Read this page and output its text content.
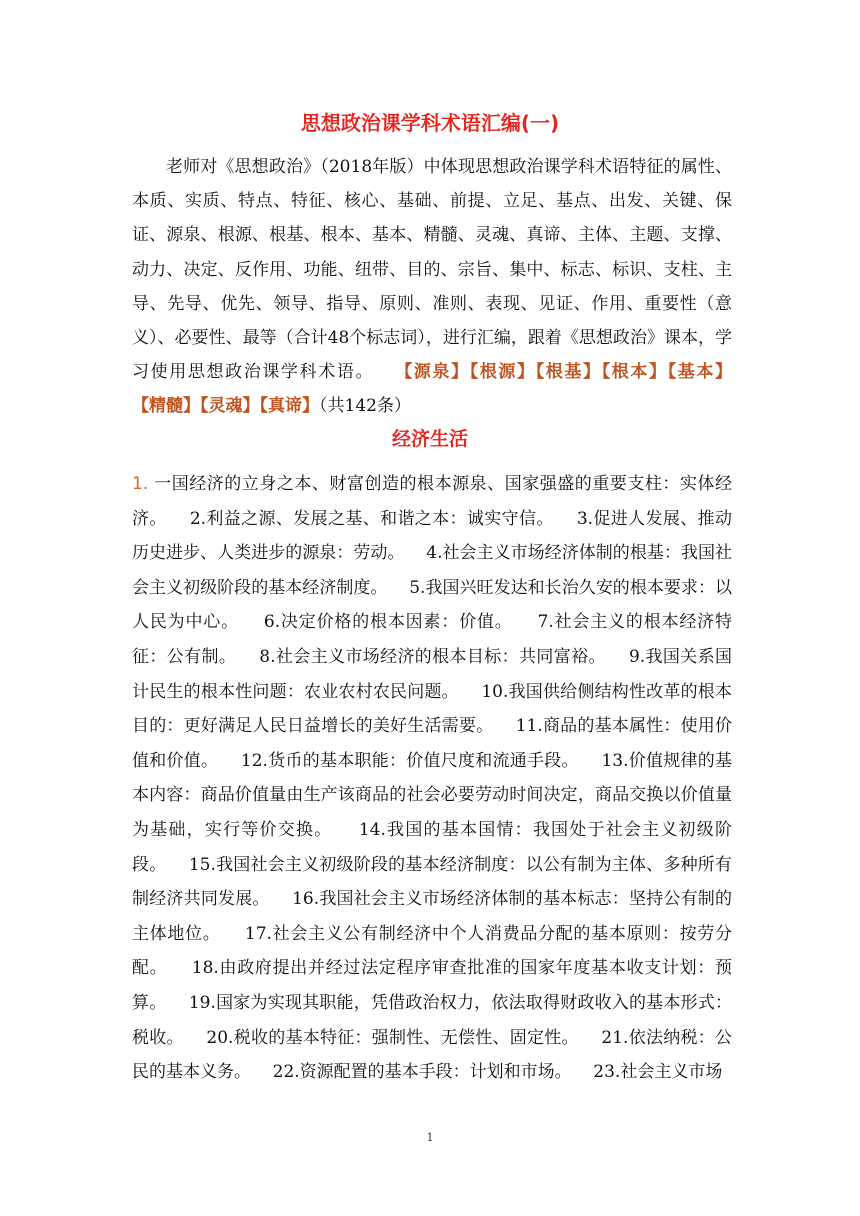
思想政治课学科术语汇编(一)

老师对《思想政治》（2018年版）中体现思想政治课学科术语特征的属性、本质、实质、特点、特征、核心、基础、前提、立足、基点、出发、关键、保证、源泉、根源、根基、根本、基本、精髓、灵魂、真谛、主体、主题、支撑、动力、决定、反作用、功能、纽带、目的、宗旨、集中、标志、标识、支柱、主导、先导、优先、领导、指导、原则、准则、表现、见证、作用、重要性（意义）、必要性、最等（合计48个标志词），进行汇编，跟着《思想政治》课本，学习使用思想政治课学科术语。 【源泉】【根源】【根基】【根本】【基本】【精髓】【灵魂】【真谛】（共142条）

经济生活

1. 一国经济的立身之本、财富创造的根本源泉、国家强盛的重要支柱：实体经济。 2.利益之源、发展之基、和谐之本：诚实守信。 3.促进人发展、推动历史进步、人类进步的源泉：劳动。 4.社会主义市场经济体制的根基：我国社会主义初级阶段的基本经济制度。 5.我国兴旺发达和长治久安的根本要求：以人民为中心。 6.决定价格的根本因素：价值。 7.社会主义的根本经济特征：公有制。 8.社会主义市场经济的根本目标：共同富裕。 9.我国关系国计民生的根本性问题：农业农村农民问题。 10.我国供给侧结构性改革的根本目的：更好满足人民日益增长的美好生活需要。 11.商品的基本属性：使用价值和价值。 12.货币的基本职能：价值尺度和流通手段。 13.价值规律的基本内容：商品价值量由生产该商品的社会必要劳动时间决定，商品交换以价值量为基础，实行等价交换。 14.我国的基本国情：我国处于社会主义初级阶段。 15.我国社会主义初级阶段的基本经济制度：以公有制为主体、多种所有制经济共同发展。 16.我国社会主义市场经济体制的基本标志：坚持公有制的主体地位。 17.社会主义公有制经济中个人消费品分配的基本原则：按劳分配。 18.由政府提出并经过法定程序审查批准的国家年度基本收支计划：预算。 19.国家为实现其职能，凭借政治权力，依法取得财政收入的基本形式：税收。 20.税收的基本特征：强制性、无偿性、固定性。 21.依法纳税：公民的基本义务。 22.资源配置的基本手段：计划和市场。 23.社会主义市场

1
